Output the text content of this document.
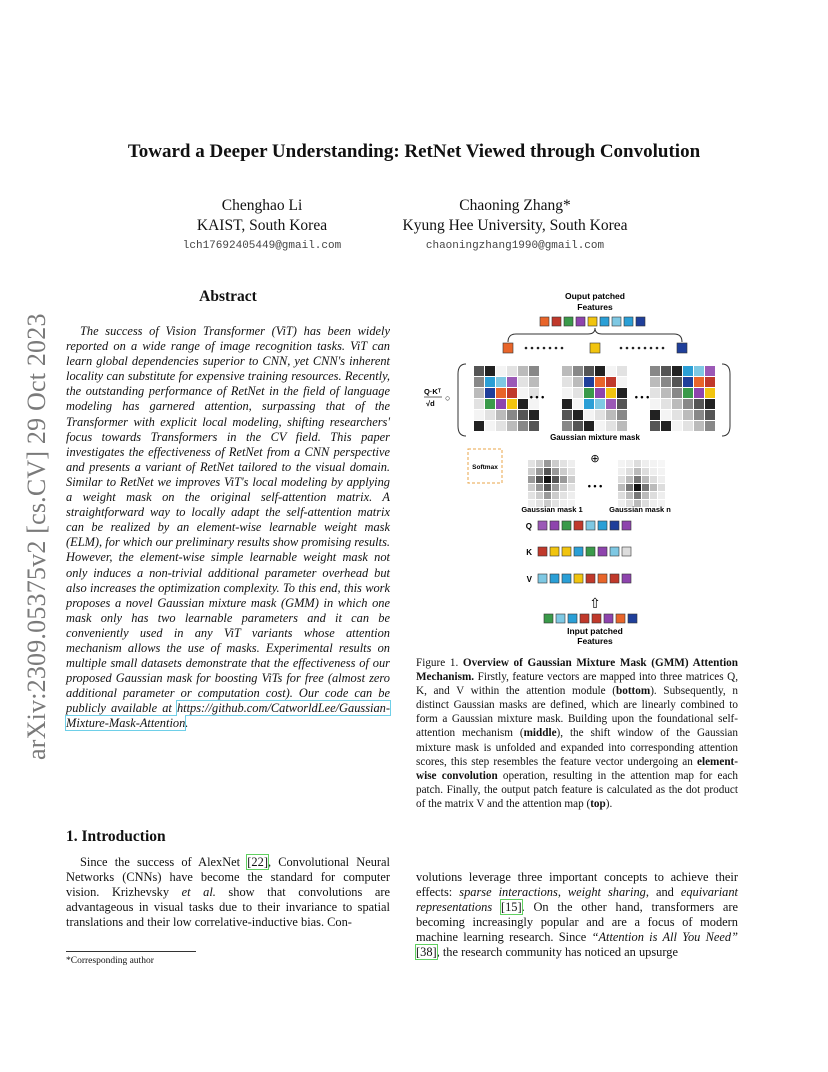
arXiv:2309.05375v2 [cs.CV] 29 Oct 2023
Toward a Deeper Understanding: RetNet Viewed through Convolution
Chenghao Li
KAIST, South Korea
lch17692405449@gmail.com
Chaoning Zhang*
Kyung Hee University, South Korea
chaoningzhang1990@gmail.com
Abstract

The success of Vision Transformer (ViT) has been widely reported on a wide range of image recognition tasks. ViT can learn global dependencies superior to CNN, yet CNN's inherent locality can substitute for expensive training resources. Recently, the outstanding performance of RetNet in the field of language modeling has garnered attention, surpassing that of the Transformer with explicit local modeling, shifting researchers' focus towards Transformers in the CV field. This paper investigates the effectiveness of RetNet from a CNN perspective and presents a variant of RetNet tailored to the visual domain. Similar to RetNet we improves ViT's local modeling by applying a weight mask on the original self-attention matrix. A straightforward way to locally adapt the self-attention matrix can be realized by an element-wise learnable weight mask (ELM), for which our preliminary results show promising results. However, the element-wise simple learnable weight mask not only induces a non-trivial additional parameter overhead but also increases the optimization complexity. To this end, this work proposes a novel Gaussian mixture mask (GMM) in which one mask only has two learnable parameters and it can be conveniently used in any ViT variants whose attention mechanism allows the use of masks. Experimental results on multiple small datasets demonstrate that the effectiveness of our proposed Gaussian mask for boosting ViTs for free (almost zero additional parameter or computation cost). Our code can be publicly available at https://github.com/CatworldLee/Gaussian-Mixture-Mask-Attention.

1. Introduction

Since the success of AlexNet [22], Convolutional Neural Networks (CNNs) have become the standard for computer vision. Krizhevsky et al. show that convolutions are advantageous in visual tasks due to their invariance to spatial translations and their low correlative-inductive bias. Con-

*Corresponding author
Ouput patched
Features
Q·Kᵀ
√d
○	• • •	• • •
Gaussian mixture mask
⊕
Softmax
• • •
Gaussian mask 1	Gaussian mask n
Q
K
V
⇧
Input patched
Features

Figure 1. Overview of Gaussian Mixture Mask (GMM) Attention Mechanism. Firstly, feature vectors are mapped into three matrices Q, K, and V within the attention module (bottom). Subsequently, n distinct Gaussian masks are defined, which are linearly combined to form a Gaussian mixture mask. Building upon the foundational self-attention mechanism (middle), the shift window of the Gaussian mixture mask is unfolded and expanded into corresponding attention scores, this step resembles the feature vector undergoing an element-wise convolution operation, resulting in the attention map for each patch. Finally, the output patch feature is calculated as the dot product of the matrix V and the attention map (top).

volutions leverage three important concepts to achieve their effects: sparse interactions, weight sharing, and equivariant representations [15]. On the other hand, transformers are becoming increasingly popular and are a focus of modern machine learning research. Since “Attention is All You Need” [38], the research community has noticed an upsurge
